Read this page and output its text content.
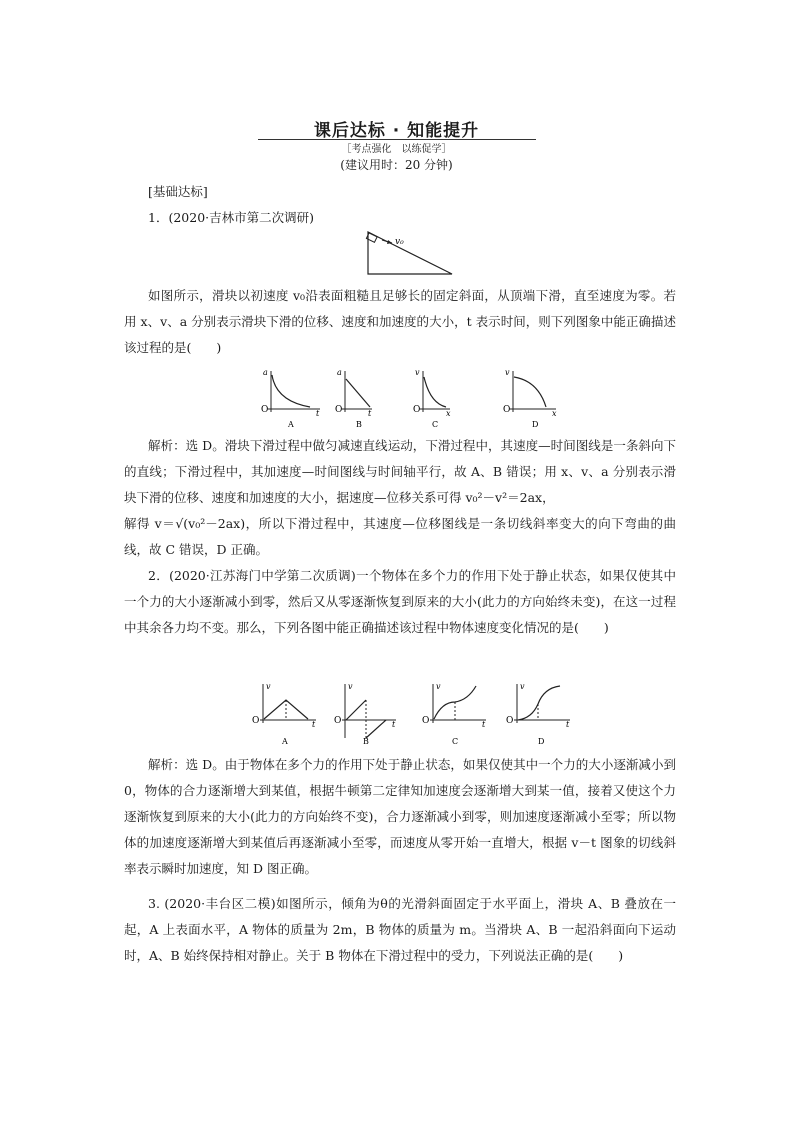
课后达标 · 知能提升
［考点强化　以练促学］
(建议用时：20 分钟)
[基础达标]
1．(2020·吉林市第二次调研)
v₀

如图所示，滑块以初速度 v₀沿表面粗糙且足够长的固定斜面，从顶端下滑，直至速度为零。若用 x、v、a 分别表示滑块下滑的位移、速度和加速度的大小，t 表示时间，则下列图象中能正确描述该过程的是(　　)

a
t
O
A
a
t
O
B
v
x
O
C
v
x
O
D

解析：选 D。滑块下滑过程中做匀减速直线运动，下滑过程中，其速度—时间图线是一条斜向下的直线；下滑过程中，其加速度—时间图线与时间轴平行，故 A、B 错误；用 x、v、a 分别表示滑块下滑的位移、速度和加速度的大小，据速度—位移关系可得 v₀²－v²＝2ax，

解得 v＝√(v₀²－2ax)，所以下滑过程中，其速度—位移图线是一条切线斜率变大的向下弯曲的曲线，故 C 错误，D 正确。

2．(2020·江苏海门中学第二次质调)一个物体在多个力的作用下处于静止状态，如果仅使其中一个力的大小逐渐减小到零，然后又从零逐渐恢复到原来的大小(此力的方向始终未变)，在这一过程中其余各力均不变。那么，下列各图中能正确描述该过程中物体速度变化情况的是(　　)

v
t
O
A
v
t
O
B
v
t
O
C
v
t
O
D

解析：选 D。由于物体在多个力的作用下处于静止状态，如果仅使其中一个力的大小逐渐减小到 0，物体的合力逐渐增大到某值，根据牛顿第二定律知加速度会逐渐增大到某一值，接着又使这个力逐渐恢复到原来的大小(此力的方向始终不变)，合力逐渐减小到零，则加速度逐渐减小至零；所以物体的加速度逐渐增大到某值后再逐渐减小至零，而速度从零开始一直增大，根据 v－t 图象的切线斜率表示瞬时加速度，知 D 图正确。

3. (2020·丰台区二模)如图所示，倾角为θ的光滑斜面固定于水平面上，滑块 A、B 叠放在一起，A 上表面水平，A 物体的质量为 2m，B 物体的质量为 m。当滑块 A、B 一起沿斜面向下运动时，A、B 始终保持相对静止。关于 B 物体在下滑过程中的受力，下列说法正确的是(　　)
